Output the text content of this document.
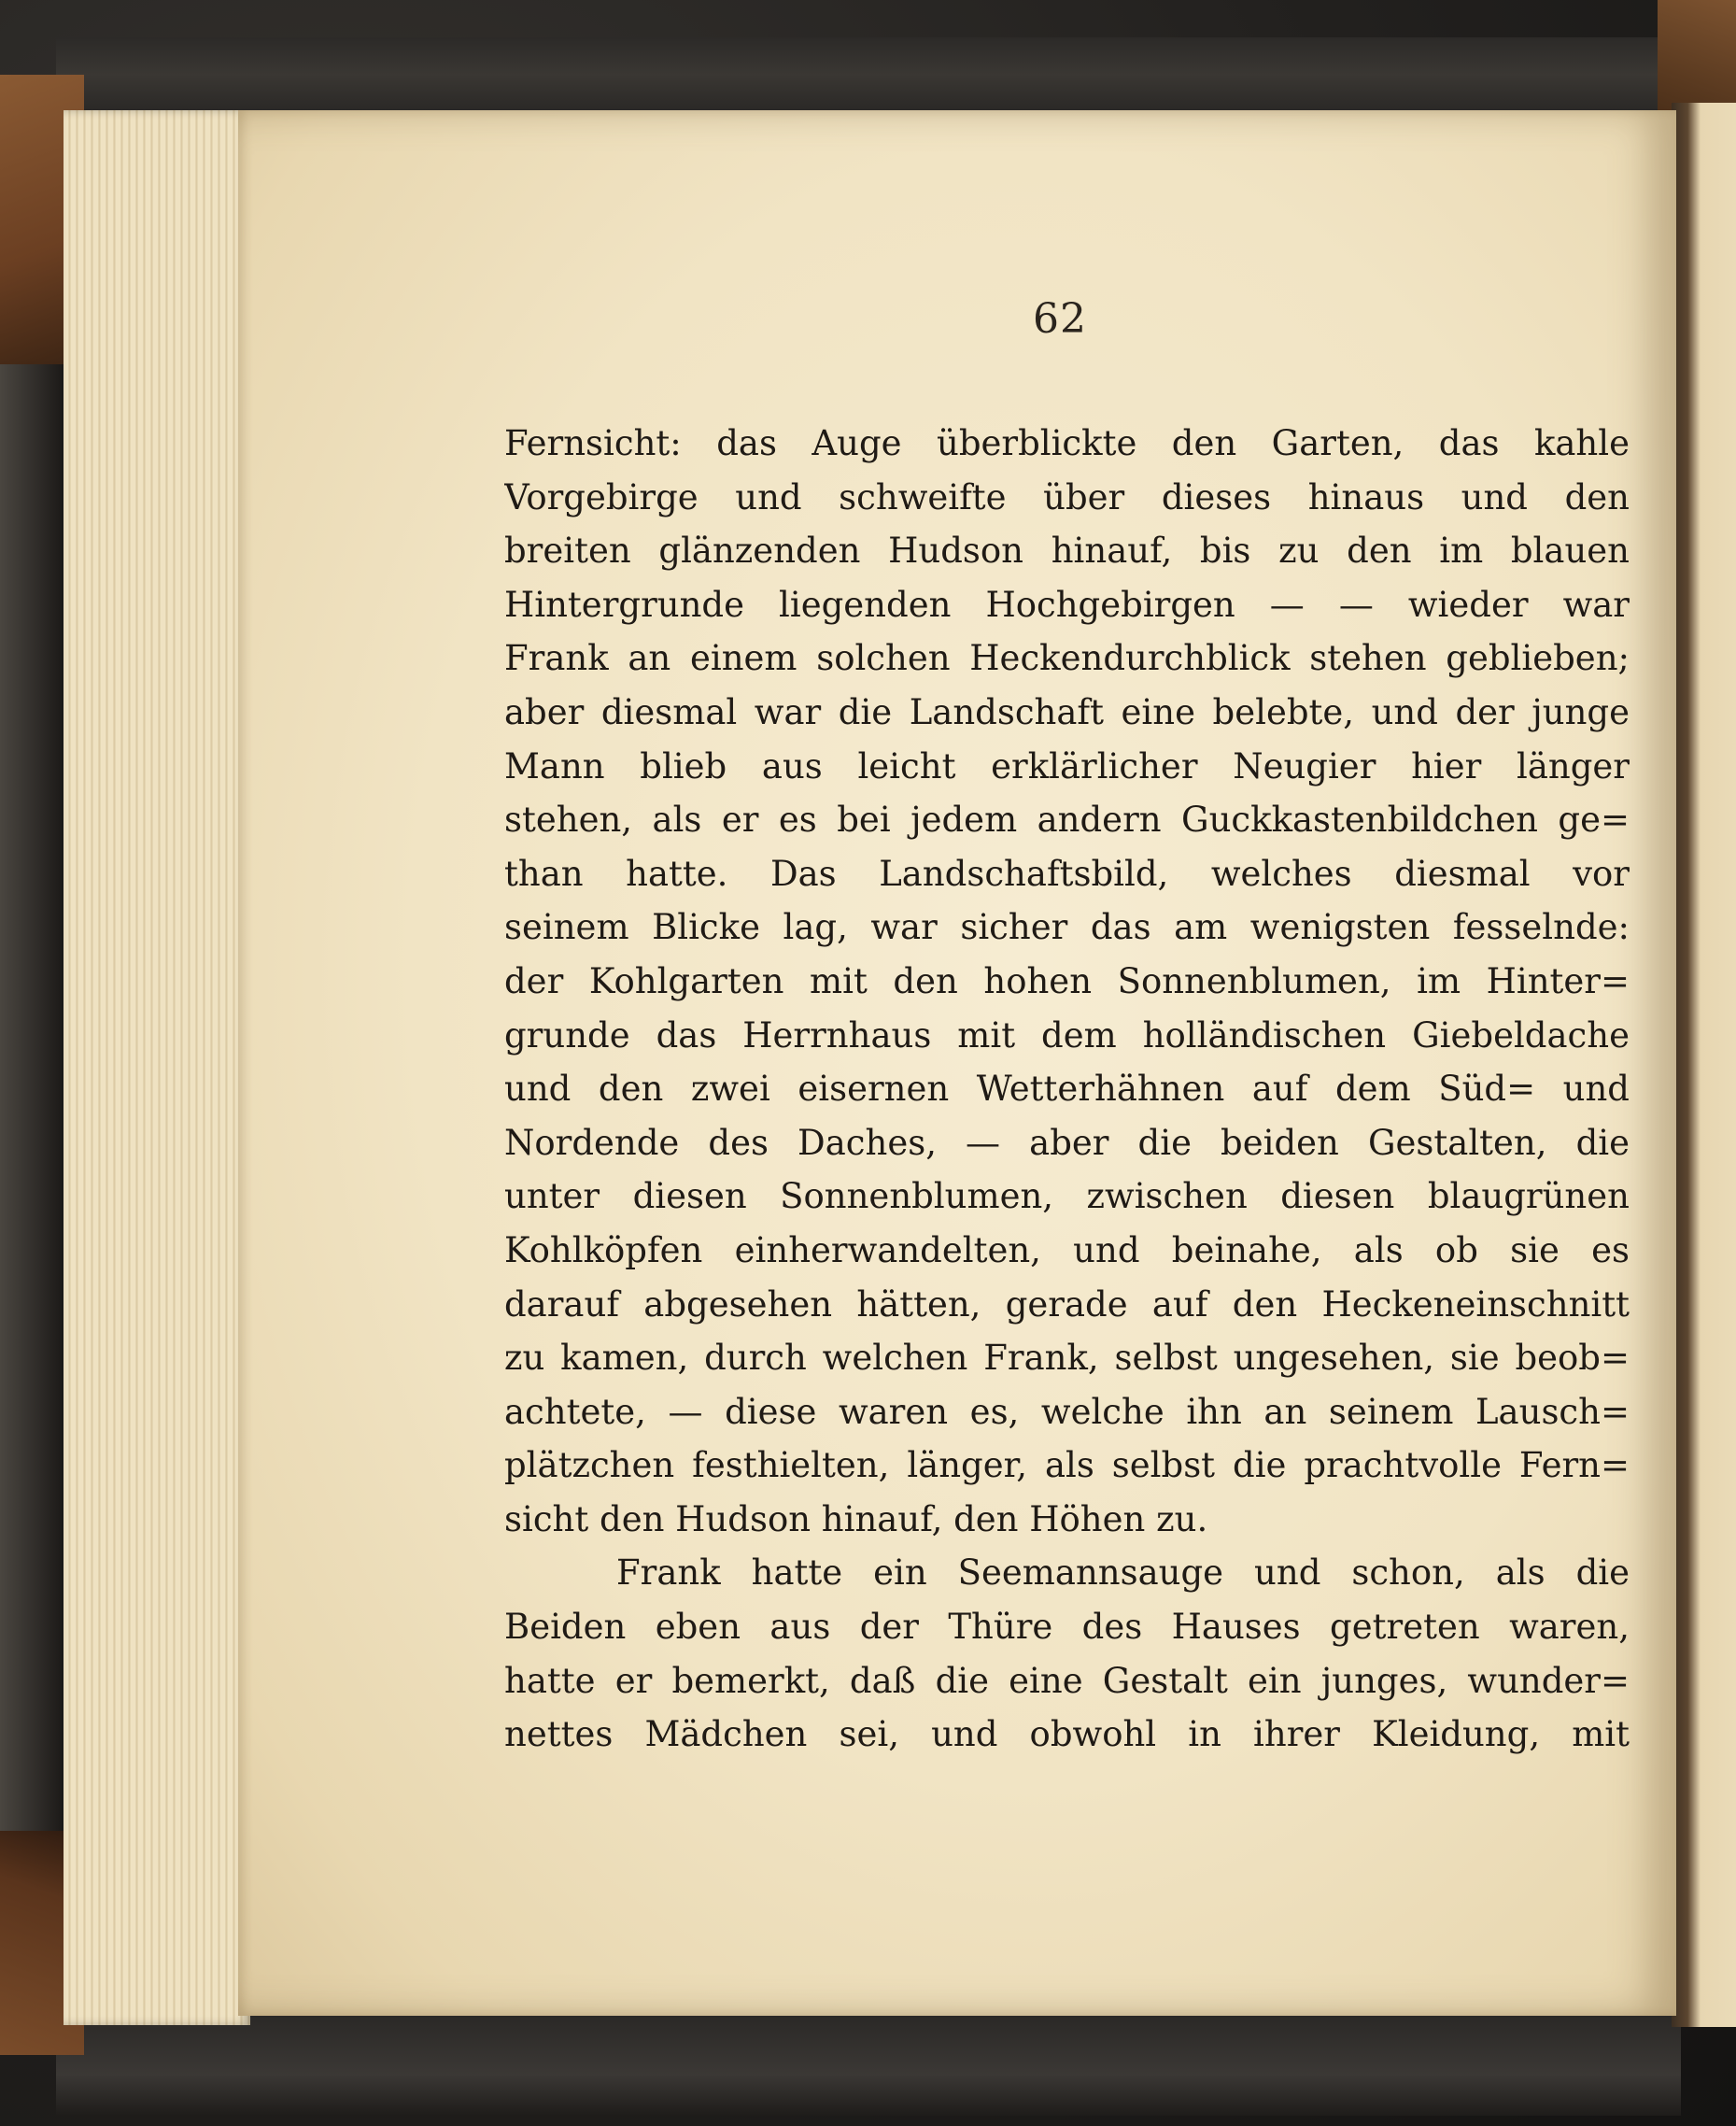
62
Fernsicht: das Auge überblickte den Garten, das kahle
Vorgebirge und schweifte über dieses hinaus und den
breiten glänzenden Hudson hinauf, bis zu den im blauen
Hintergrunde liegenden Hochgebirgen — — wieder war
Frank an einem solchen Heckendurchblick stehen geblieben;
aber diesmal war die Landschaft eine belebte, und der junge
Mann blieb aus leicht erklärlicher Neugier hier länger
stehen, als er es bei jedem andern Guckkastenbildchen ge=
than hatte. Das Landschaftsbild, welches diesmal vor
seinem Blicke lag, war sicher das am wenigsten fesselnde:
der Kohlgarten mit den hohen Sonnenblumen, im Hinter=
grunde das Herrnhaus mit dem holländischen Giebeldache
und den zwei eisernen Wetterhähnen auf dem Süd= und
Nordende des Daches, — aber die beiden Gestalten, die
unter diesen Sonnenblumen, zwischen diesen blaugrünen
Kohlköpfen einherwandelten, und beinahe, als ob sie es
darauf abgesehen hätten, gerade auf den Heckeneinschnitt
zu kamen, durch welchen Frank, selbst ungesehen, sie beob=
achtete, — diese waren es, welche ihn an seinem Lausch=
plätzchen festhielten, länger, als selbst die prachtvolle Fern=
sicht den Hudson hinauf, den Höhen zu.
Frank hatte ein Seemannsauge und schon, als die
Beiden eben aus der Thüre des Hauses getreten waren,
hatte er bemerkt, daß die eine Gestalt ein junges, wunder=
nettes Mädchen sei, und obwohl in ihrer Kleidung, mit
